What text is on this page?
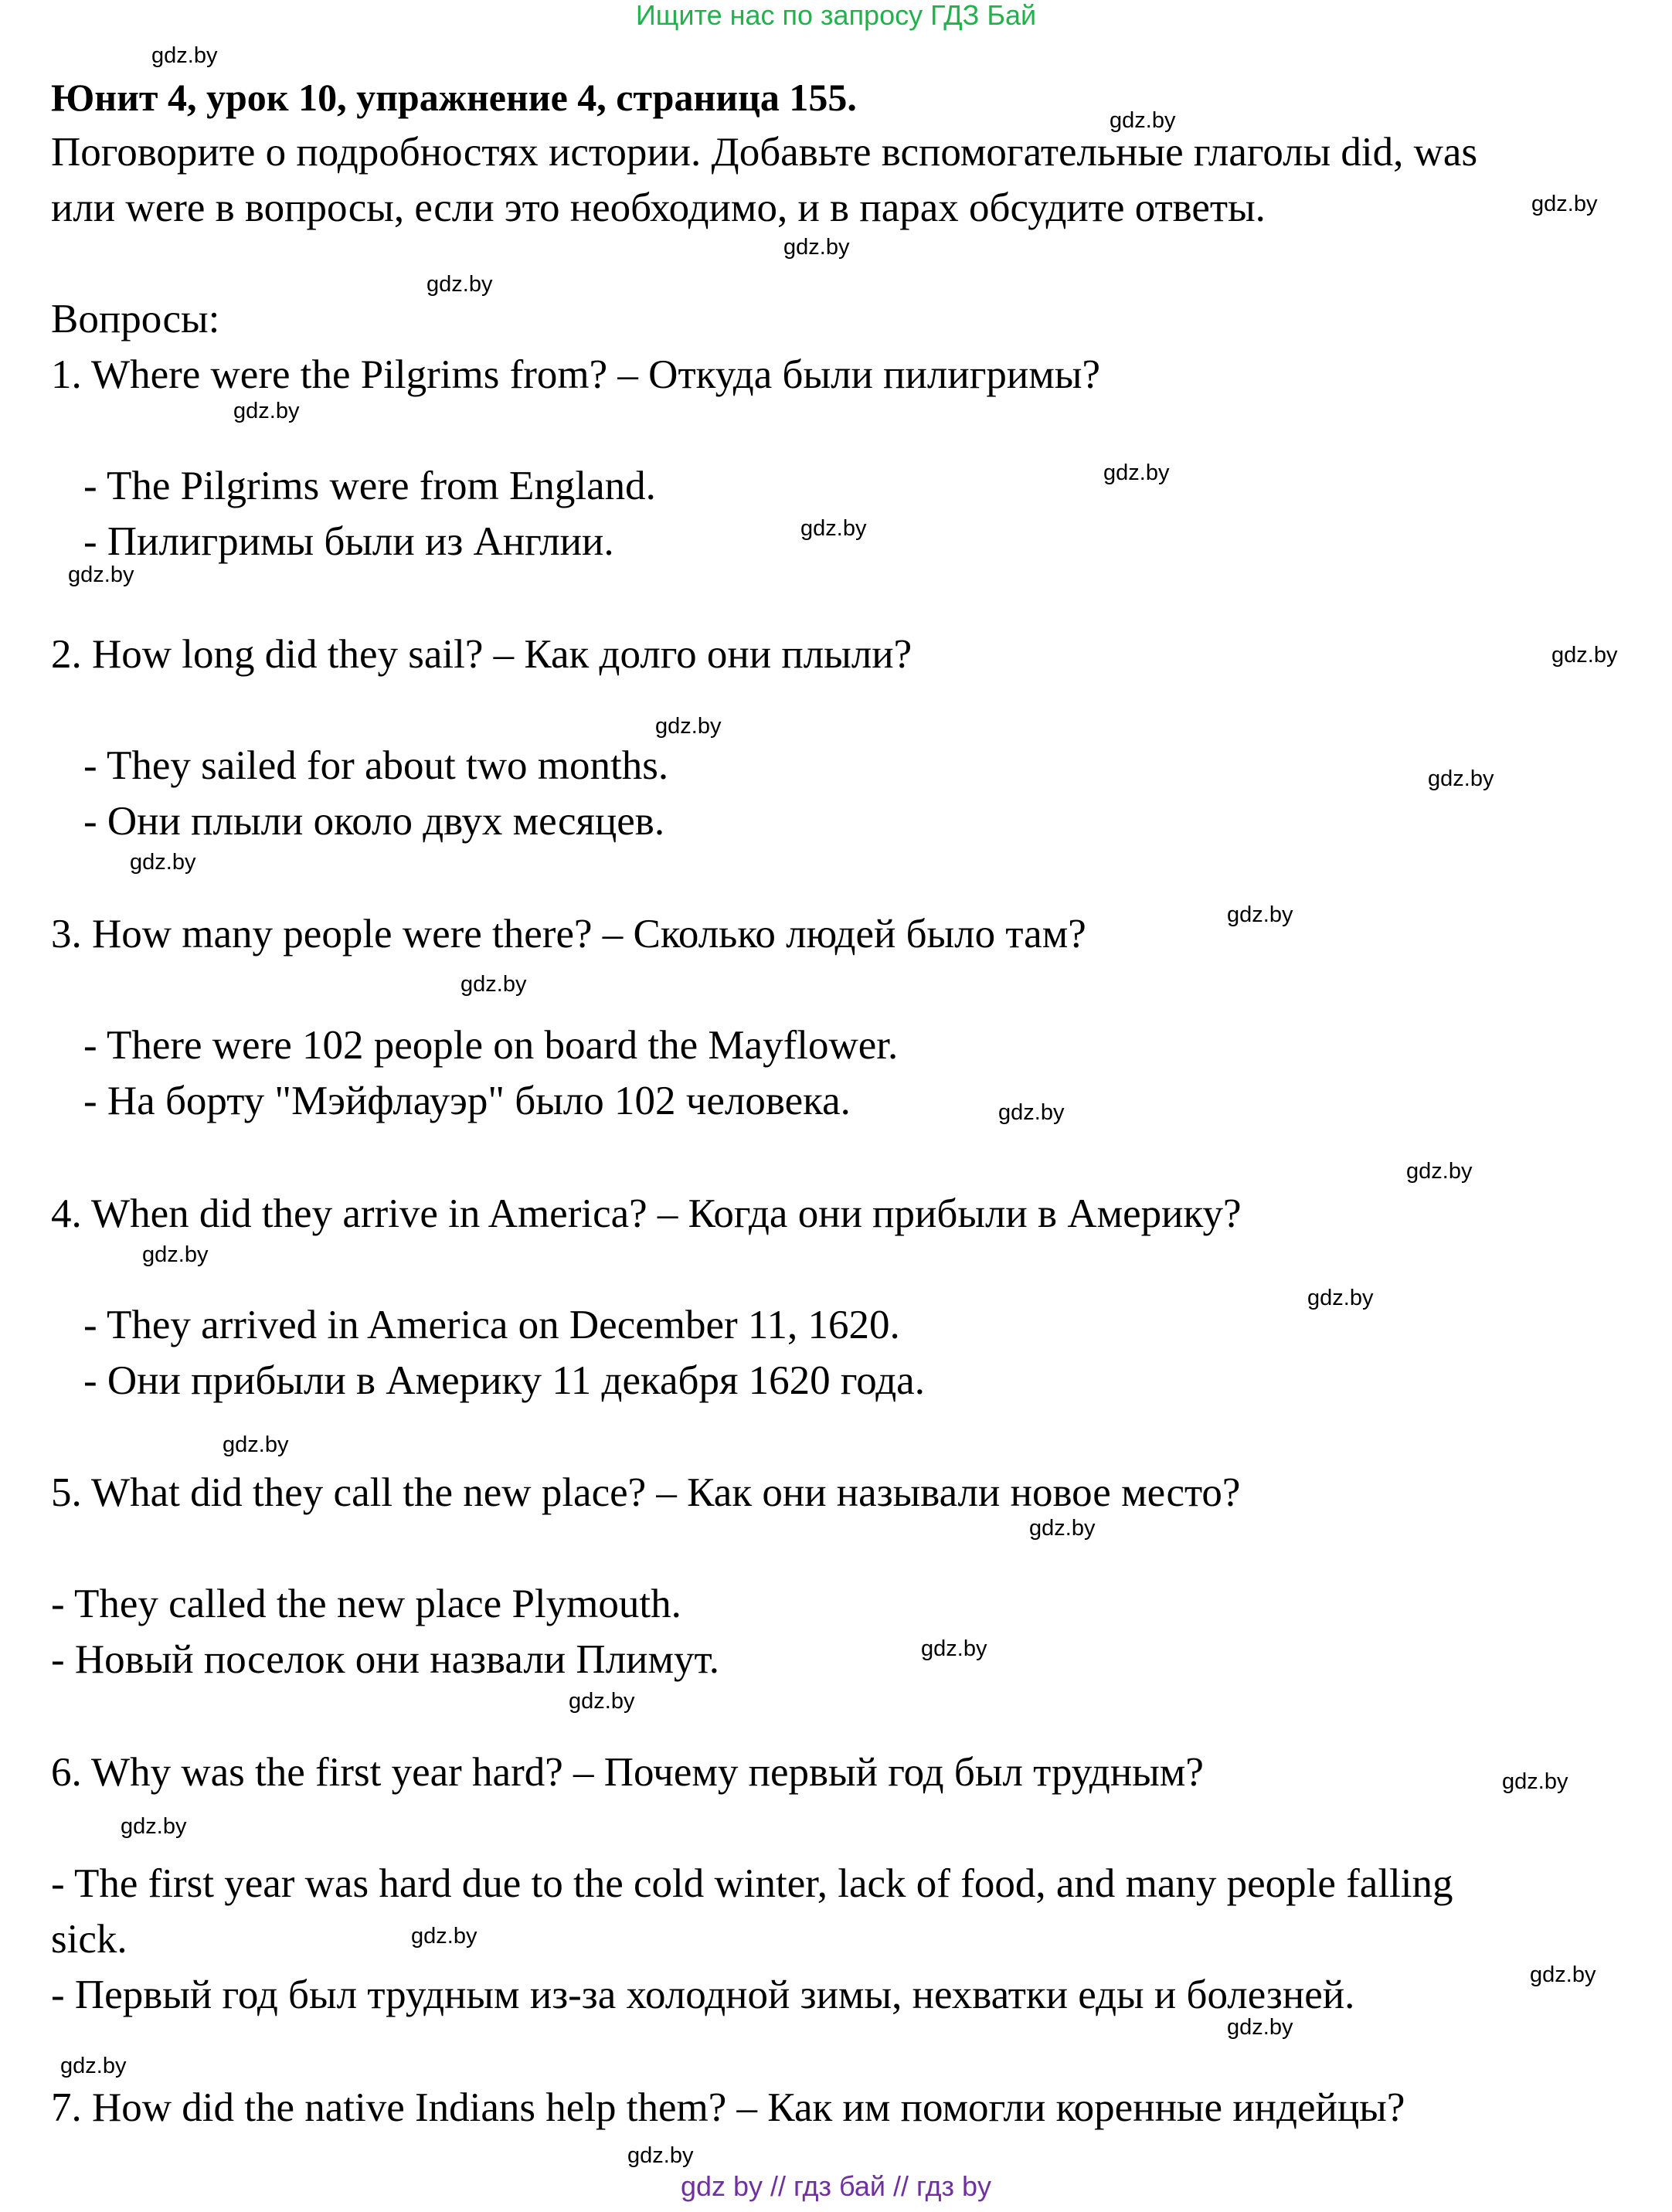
Ищите нас по запросу ГДЗ Бай
Юнит 4, урок 10, упражнение 4, страница 155.
Поговорите о подробностях истории. Добавьте вспомогательные глаголы did, was
или were в вопросы, если это необходимо, и в парах обсудите ответы.
Вопросы:
1. Where were the Pilgrims from? – Откуда были пилигримы?
- The Pilgrims were from England.
- Пилигримы были из Англии.
2. How long did they sail? – Как долго они плыли?
- They sailed for about two months.
- Они плыли около двух месяцев.
3. How many people were there? – Сколько людей было там?
- There were 102 people on board the Mayflower.
- На борту "Мэйфлауэр" было 102 человека.
4. When did they arrive in America? – Когда они прибыли в Америку?
- They arrived in America on December 11, 1620.
- Они прибыли в Америку 11 декабря 1620 года.
5. What did they call the new place? – Как они называли новое место?
- They called the new place Plymouth.
- Новый поселок они назвали Плимут.
6. Why was the first year hard? – Почему первый год был трудным?
- The first year was hard due to the cold winter, lack of food, and many people falling
sick.
- Первый год был трудным из-за холодной зимы, нехватки еды и болезней.
7. How did the native Indians help them? – Как им помогли коренные индейцы?
gdz.by
gdz.by
gdz.by
gdz.by
gdz.by
gdz.by
gdz.by
gdz.by
gdz.by
gdz.by
gdz.by
gdz.by
gdz.by
gdz.by
gdz.by
gdz.by
gdz.by
gdz.by
gdz.by
gdz.by
gdz.by
gdz.by
gdz.by
gdz.by
gdz.by
gdz.by
gdz.by
gdz.by
gdz.by
gdz.by
gdz by // гдз бай // гдз by
